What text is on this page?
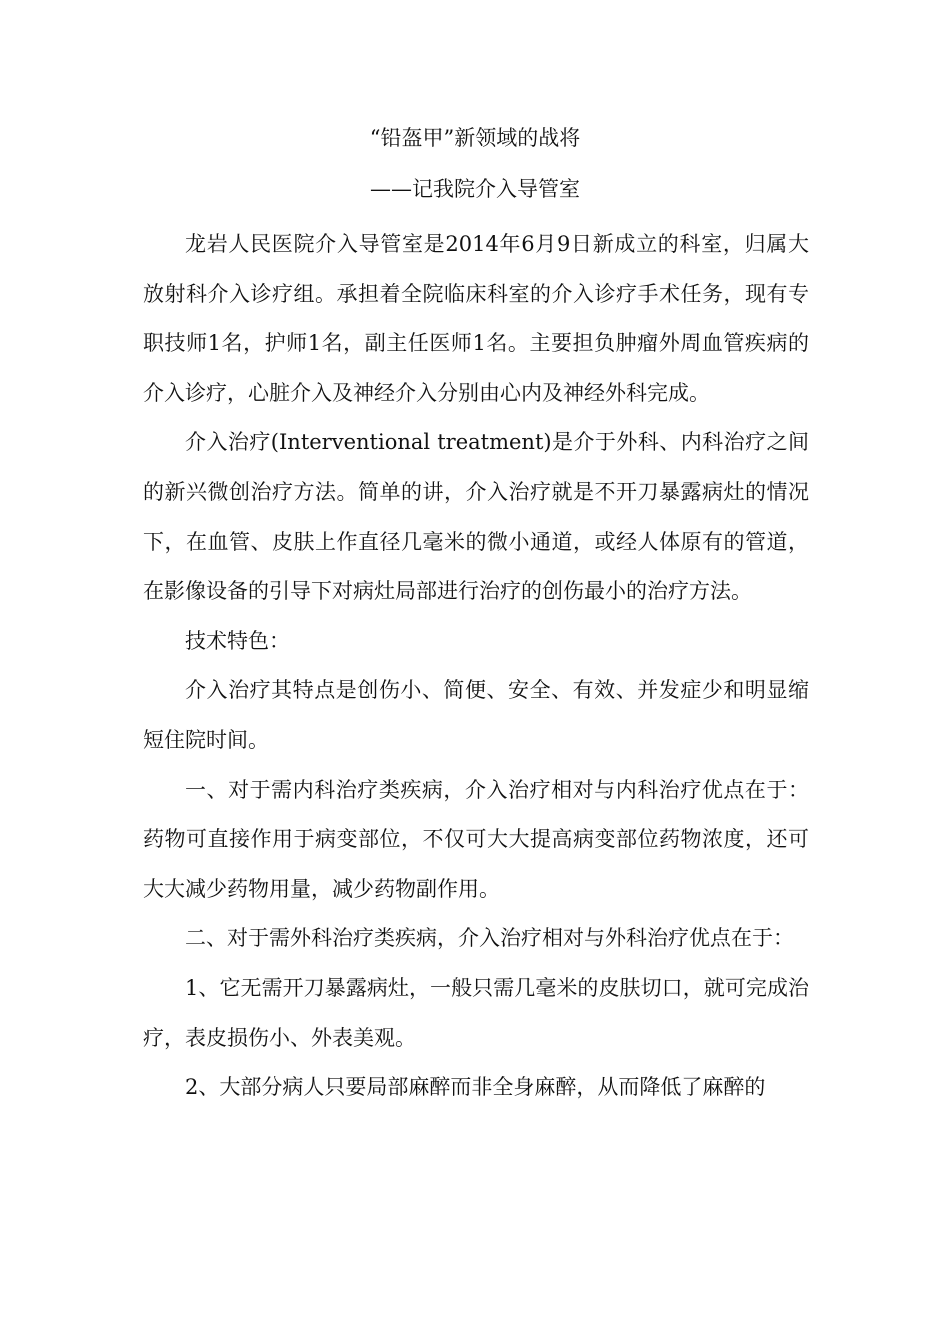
“铅盔甲”新领域的战将
——记我院介入导管室

龙岩人民医院介入导管室是2014年6月9日新成立的科室，归属大放射科介入诊疗组。承担着全院临床科室的介入诊疗手术任务，现有专职技师1名，护师1名，副主任医师1名。主要担负肿瘤外周血管疾病的介入诊疗，心脏介入及神经介入分别由心内及神经外科完成。

介入治疗(Interventional treatment)是介于外科、内科治疗之间的新兴微创治疗方法。简单的讲，介入治疗就是不开刀暴露病灶的情况下，在血管、皮肤上作直径几毫米的微小通道，或经人体原有的管道，在影像设备的引导下对病灶局部进行治疗的创伤最小的治疗方法。

技术特色：

介入治疗其特点是创伤小、简便、安全、有效、并发症少和明显缩短住院时间。

一、对于需内科治疗类疾病，介入治疗相对与内科治疗优点在于：药物可直接作用于病变部位，不仅可大大提高病变部位药物浓度，还可大大减少药物用量，减少药物副作用。

二、对于需外科治疗类疾病，介入治疗相对与外科治疗优点在于：

1、它无需开刀暴露病灶，一般只需几毫米的皮肤切口，就可完成治疗，表皮损伤小、外表美观。

2、大部分病人只要局部麻醉而非全身麻醉，从而降低了麻醉的
